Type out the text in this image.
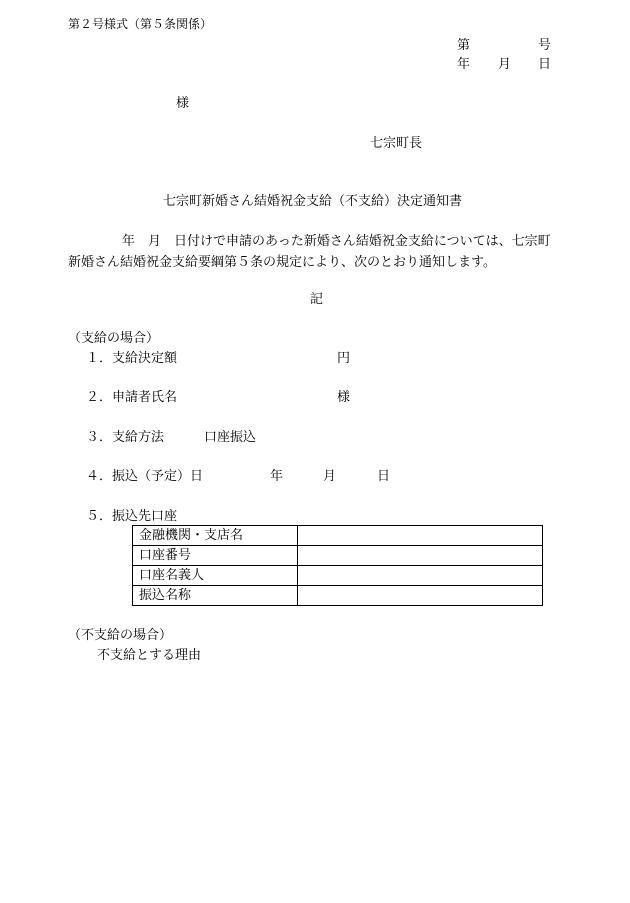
第２号様式（第５条関係）
第	号
年 月 日
様
七宗町長
七宗町新婚さん結婚祝金支給（不支給）決定通知書
年　月　日付けで申請のあった新婚さん結婚祝金支給については、七宗町
新婚さん結婚祝金支給要綱第５条の規定により、次のとおり通知します。
記
（支給の場合）
１．支給決定額	円
２．申請者氏名	様
３．支給方法	口座振込
４．振込（予定）日	年	月	日
５．振込先口座
金融機関・支店名	
口座番号	
口座名義人	
振込名称	
（不支給の場合）
不支給とする理由
